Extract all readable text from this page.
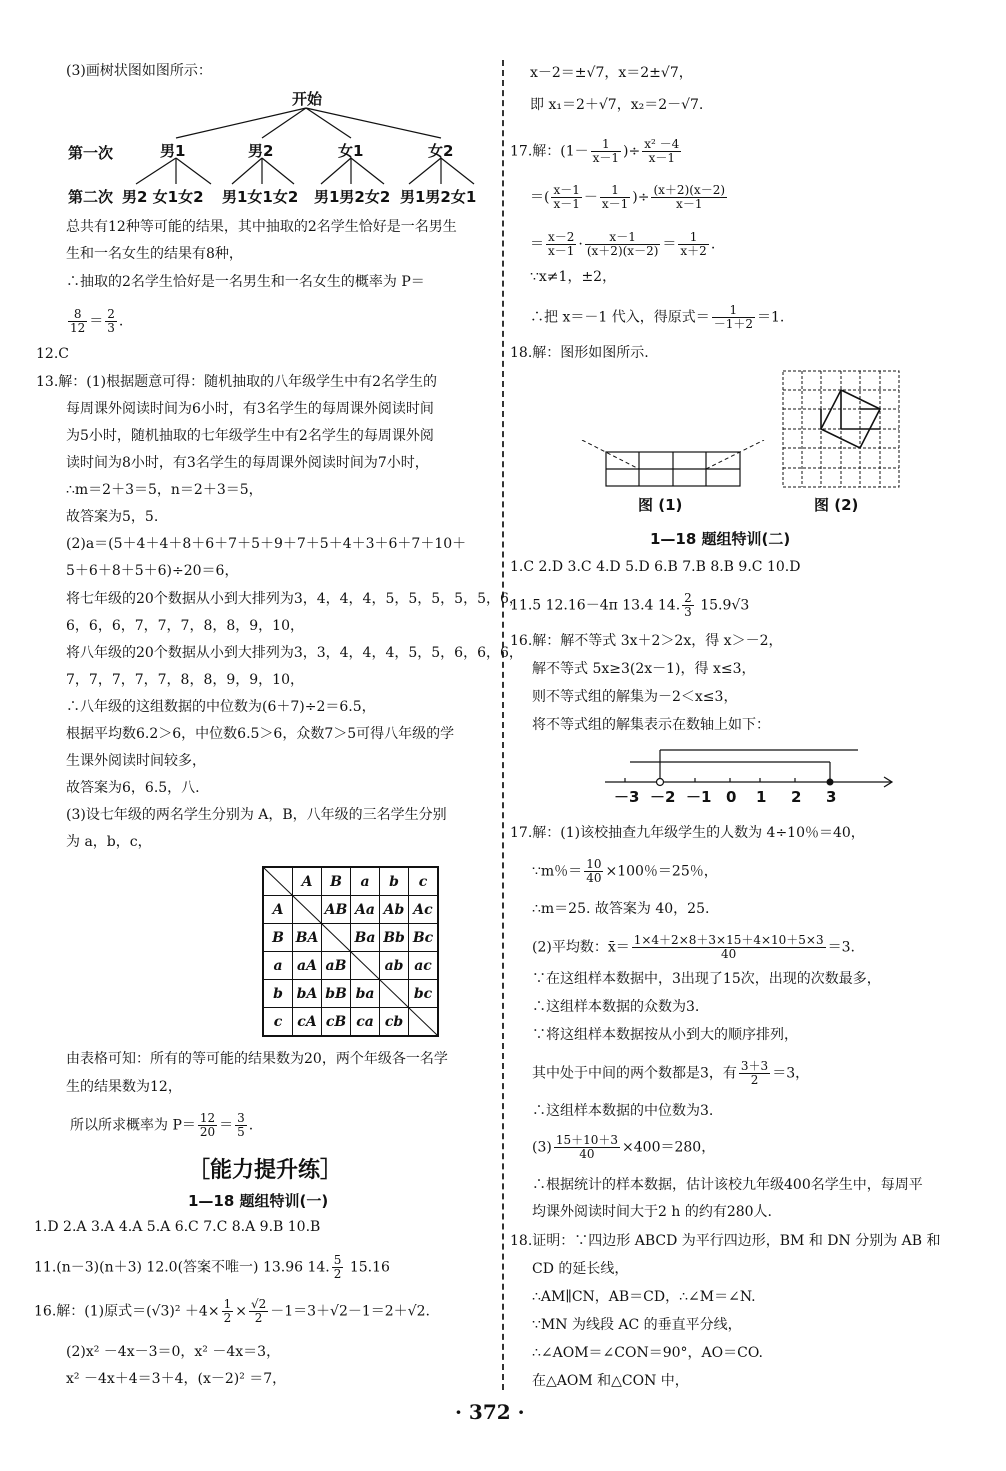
(3)画树状图如图所示：
开始
第一次	男1	男2	女1	女2
第二次 男2 女1女2 男1女1女2 男1男2女2 男1男2女1
总共有12种等可能的结果，其中抽取的2名学生恰好是一名男生
生和一名女生的结果有8种，
∴抽取的2名学生恰好是一名男生和一名女生的概率为 P＝
$\frac{8}{12} = \frac{2}{3}$ .
12.C
13.解：(1)根据题意可得：随机抽取的八年级学生中有2名学生的
每周课外阅读时间为6小时，有3名学生的每周课外阅读时间
为5小时，随机抽取的七年级学生中有2名学生的每周课外阅
读时间为8小时，有3名学生的每周课外阅读时间为7小时，
∴m＝2＋3＝5，n＝2＋3＝5，
故答案为5，5.
(2)a＝(5＋4＋4＋8＋6＋7＋5＋9＋7＋5＋4＋3＋6＋7＋10＋
5＋6＋8＋5＋6)÷20＝6，
将七年级的20个数据从小到大排列为3，4，4，4，5，5，5，5，5，6，
6，6，6，7，7，7，8，8，9，10，
将八年级的20个数据从小到大排列为3，3，4，4，4，5，5，6，6，6，
7，7，7，7，7，8，8，9，9，10，
∴八年级的这组数据的中位数为(6＋7)÷2＝6.5，
根据平均数6.2＞6，中位数6.5＞6，众数7＞5可得八年级的学
生课外阅读时间较多，
故答案为6，6.5，八.
(3)设七年级的两名学生分别为 A，B，八年级的三名学生分别
为 a，b，c，
	A	B	a	b	c
A		AB	Aa	Ab	Ac
B	BA		Ba	Bb	Bc
a	aA	aB		ab	ac
b	bA	bB	ba		bc
c	cA	cB	ca	cb	
由表格可知：所有的等可能的结果数为20，两个年级各一名学
生的结果数为12，
所以所求概率为 $P= \frac{12}{20} = \frac{3}{5}$ .
［能力提升练］
1—18 题组特训(一)
1.D 2.A 3.A 4.A 5.A 6.C 7.C 8.A 9.B 10.B
11.(n－3)(n＋3) 12.0(答案不唯一) 13.96 14. $\frac{5}{2} 15.16$
16.解：(1)原式$=(√3)^2 +4\times \frac{1}{2} \times \frac{√2}{2} -1=3+√2-1=2+√2$.
(2)x² －4x－3＝0，x² －4x＝3，
x² －4x＋4＝3＋4，(x－2)² ＝7，
x－2＝±√7，x＝2±√7，
即 x₁＝2＋√7，x₂＝2－√7.
17.解：($1- \frac{1}{x-1}$ )÷ $\frac{\text{x² －4}}{x-1}$
＝( $\frac{x-1}{x-1} - \frac{1}{x-1}$ )÷ $\frac{(x+2)(x-2)}{x-1}$
＝ $\frac{x-2}{x-1} \cdot \frac{x-1}{(x+2)(x-2)} = \frac{1}{x+2}$ .
∵x≠1，±2，
∴把 x＝－1 代入，得原式＝ $\frac{1}{-1+2} =1$.
18.解：图形如图所示.
图 (1)	图 (2)
1—18 题组特训(二)
1.C 2.D 3.C 4.D 5.D 6.B 7.B 8.B 9.C 10.D
11.5 12.16－4π 13.4 14. $\frac{2}{3} 15.9√3$
16.解：解不等式 3x＋2＞2x，得 x＞－2，
解不等式 5x≥3(2x－1)，得 x≤3，
则不等式组的解集为－2＜x≤3，
将不等式组的解集表示在数轴上如下：
－3 －2 －1 0 1 2 3
17.解：(1)该校抽查九年级学生的人数为 4÷10％＝40，
∵m％＝ $\frac{10}{40} \times 100$％＝25％，
∴m＝25. 故答案为 40，25.
(2)平均数：x̄＝ $\frac{1\times 4+2\times 8+3\times 15+4\times 10+5\times 3}{40} =3$.
∵在这组样本数据中，3出现了15次，出现的次数最多，
∴这组样本数据的众数为3.
∵将这组样本数据按从小到大的顺序排列，
其中处于中间的两个数都是3，有 $\frac{3+3}{2} =3$，
∴这组样本数据的中位数为3.
$(3) \frac{15+10+3}{40} \times 400=280$，
∴根据统计的样本数据，估计该校九年级400名学生中，每周平
均课外阅读时间大于2 h 的约有280人.
18.证明：∵四边形 ABCD 为平行四边形，BM 和 DN 分别为 AB 和
CD 的延长线，
∴AM∥CN，AB＝CD，∴∠M＝∠N.
∵MN 为线段 AC 的垂直平分线，
∴∠AOM＝∠CON＝90°，AO＝CO.
在△AOM 和△CON 中，
· 372 ·
